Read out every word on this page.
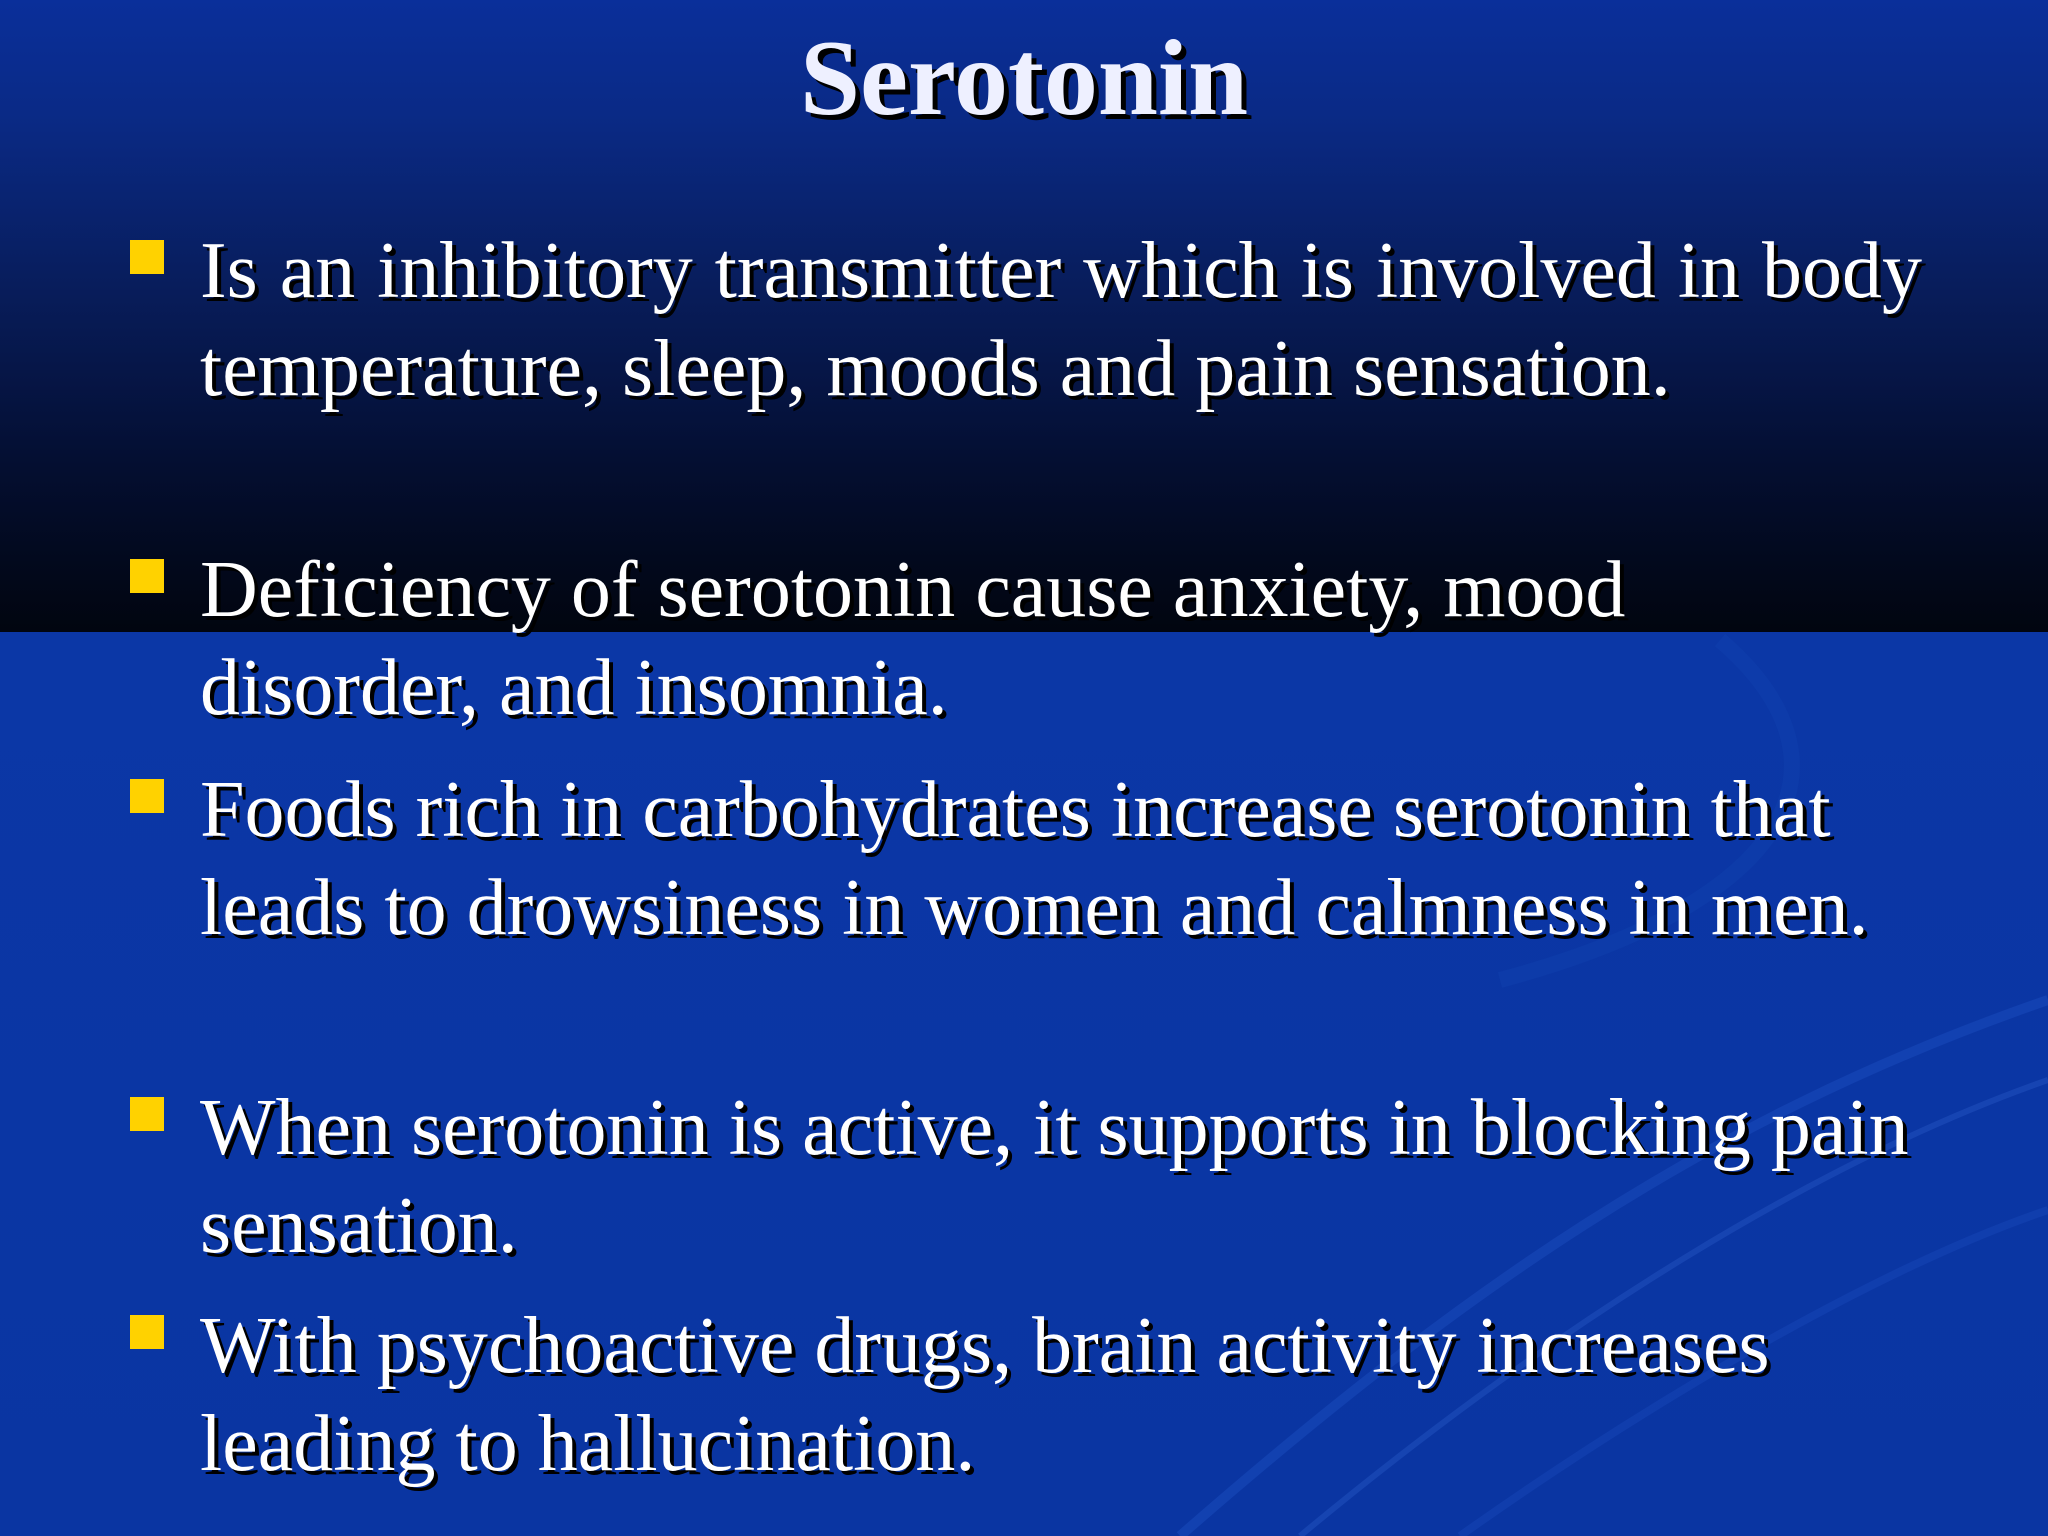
Serotonin

Is an inhibitory transmitter which is involved in body temperature, sleep, moods and pain sensation.

Deficiency of serotonin cause anxiety, mood disorder, and insomnia.

Foods rich in carbohydrates increase serotonin that leads to drowsiness in women and calmness in men.

When serotonin is active, it supports in blocking pain sensation.

With psychoactive drugs, brain activity increases leading to hallucination.
